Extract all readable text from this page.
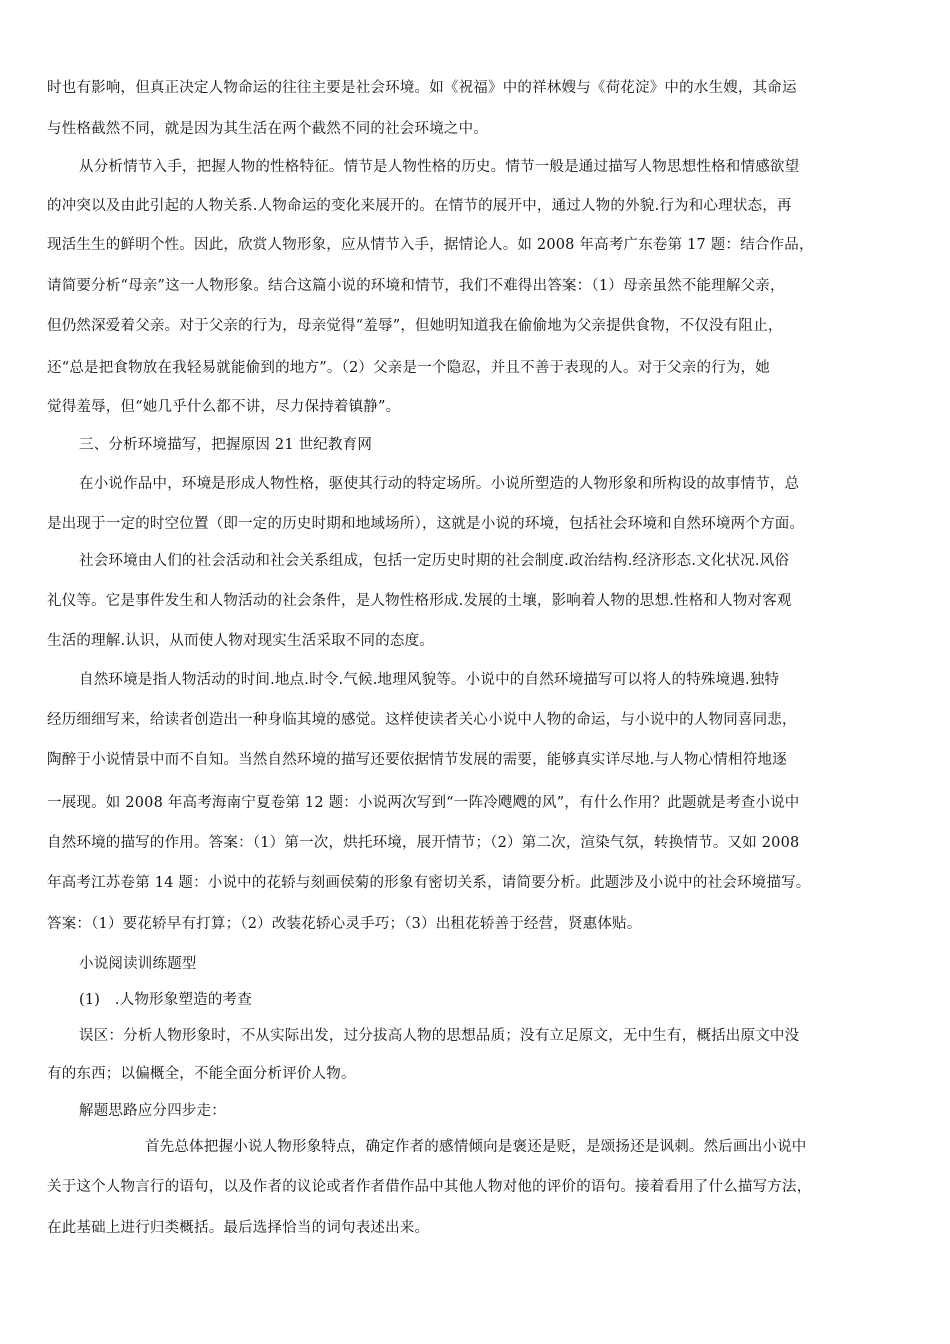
时也有影响，但真正决定人物命运的往往主要是社会环境。如《祝福》中的祥林嫂与《荷花淀》中的水生嫂，其命运
与性格截然不同，就是因为其生活在两个截然不同的社会环境之中。
从分析情节入手，把握人物的性格特征。情节是人物性格的历史。情节一般是通过描写人物思想性格和情感欲望
的冲突以及由此引起的人物关系.人物命运的变化来展开的。在情节的展开中，通过人物的外貌.行为和心理状态，再
现活生生的鲜明个性。因此，欣赏人物形象，应从情节入手，据情论人。如 2008 年高考广东卷第 17 题：结合作品，
请简要分析“母亲”这一人物形象。结合这篇小说的环境和情节，我们不难得出答案：（1）母亲虽然不能理解父亲，
但仍然深爱着父亲。对于父亲的行为，母亲觉得“羞辱”，但她明知道我在偷偷地为父亲提供食物，不仅没有阻止，
还“总是把食物放在我轻易就能偷到的地方”。（2）父亲是一个隐忍，并且不善于表现的人。对于父亲的行为，她
觉得羞辱，但“她几乎什么都不讲，尽力保持着镇静”。
三、分析环境描写，把握原因 21 世纪教育网
在小说作品中，环境是形成人物性格，驱使其行动的特定场所。小说所塑造的人物形象和所构设的故事情节，总
是出现于一定的时空位置（即一定的历史时期和地域场所），这就是小说的环境，包括社会环境和自然环境两个方面。
社会环境由人们的社会活动和社会关系组成，包括一定历史时期的社会制度.政治结构.经济形态.文化状况.风俗
礼仪等。它是事件发生和人物活动的社会条件，是人物性格形成.发展的土壤，影响着人物的思想.性格和人物对客观
生活的理解.认识，从而使人物对现实生活采取不同的态度。
自然环境是指人物活动的时间.地点.时令.气候.地理风貌等。小说中的自然环境描写可以将人的特殊境遇.独特
经历细细写来，给读者创造出一种身临其境的感觉。这样使读者关心小说中人物的命运，与小说中的人物同喜同悲，
陶醉于小说情景中而不自知。当然自然环境的描写还要依据情节发展的需要，能够真实详尽地.与人物心情相符地逐
一展现。如 2008 年高考海南宁夏卷第 12 题：小说两次写到“一阵冷飕飕的风”，有什么作用？此题就是考查小说中
自然环境的描写的作用。答案：（1）第一次，烘托环境，展开情节；（2）第二次，渲染气氛，转换情节。又如 2008
年高考江苏卷第 14 题：小说中的花轿与刻画侯菊的形象有密切关系，请简要分析。此题涉及小说中的社会环境描写。
答案：（1）要花轿早有打算；（2）改装花轿心灵手巧；（3）出租花轿善于经营，贤惠体贴。
小说阅读训练题型
(1)　.人物形象塑造的考查
误区：分析人物形象时，不从实际出发，过分拔高人物的思想品质；没有立足原文，无中生有，概括出原文中没
有的东西；以偏概全，不能全面分析评价人物。
解题思路应分四步走：
首先总体把握小说人物形象特点，确定作者的感情倾向是褒还是贬，是颂扬还是讽刺。然后画出小说中
关于这个人物言行的语句，以及作者的议论或者作者借作品中其他人物对他的评价的语句。接着看用了什么描写方法，
在此基础上进行归类概括。最后选择恰当的词句表述出来。
